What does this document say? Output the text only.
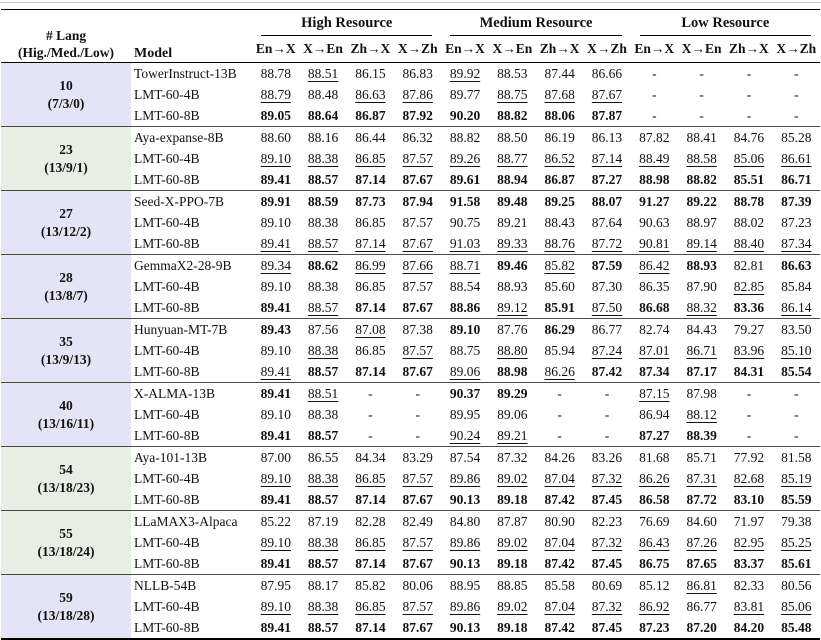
# Lang
(Hig./Med./Low)	Model	High Resource				Medium Resource				Low Resource			

		En→X	X→En	Zh→X	X→Zh	En→X	X→En	Zh→X	X→Zh	En→X	X→En	Zh→X	X→Zh

10
(7/3/0)	TowerInstruct-13B	88.78	88.51	86.15	86.83	89.92	88.53	87.44	86.66	-	-	-	-
	LMT-60-4B	88.79	88.48	86.63	87.86	89.77	88.75	87.68	87.67	-	-	-	-
	LMT-60-8B	89.05	88.64	86.87	87.92	90.20	88.82	88.06	87.87	-	-	-	-

23
(13/9/1)	Aya-expanse-8B	88.60	88.16	86.44	86.32	88.82	88.50	86.19	86.13	87.82	88.41	84.76	85.28
	LMT-60-4B	89.10	88.38	86.85	87.57	89.26	88.77	86.52	87.14	88.49	88.58	85.06	86.61
	LMT-60-8B	89.41	88.57	87.14	87.67	89.61	88.94	86.87	87.27	88.98	88.82	85.51	86.71

27
(13/12/2)	Seed-X-PPO-7B	89.91	88.59	87.73	87.94	91.58	89.48	89.25	88.07	91.27	89.22	88.78	87.39
	LMT-60-4B	89.10	88.38	86.85	87.57	90.75	89.21	88.43	87.64	90.63	88.97	88.02	87.23
	LMT-60-8B	89.41	88.57	87.14	87.67	91.03	89.33	88.76	87.72	90.81	89.14	88.40	87.34

28
(13/8/7)	GemmaX2-28-9B	89.34	88.62	86.99	87.66	88.71	89.46	85.82	87.59	86.42	88.93	82.81	86.63
	LMT-60-4B	89.10	88.38	86.85	87.57	88.54	88.93	85.60	87.30	86.35	87.90	82.85	85.84
	LMT-60-8B	89.41	88.57	87.14	87.67	88.86	89.12	85.91	87.50	86.68	88.32	83.36	86.14

35
(13/9/13)	Hunyuan-MT-7B	89.43	87.56	87.08	87.38	89.10	87.76	86.29	86.77	82.74	84.43	79.27	83.50
	LMT-60-4B	89.10	88.38	86.85	87.57	88.75	88.80	85.94	87.24	87.01	86.71	83.96	85.10
	LMT-60-8B	89.41	88.57	87.14	87.67	89.06	88.98	86.26	87.42	87.34	87.17	84.31	85.54

40
(13/16/11)	X-ALMA-13B	89.41	88.51	-	-	90.37	89.29	-	-	87.15	87.98	-	-
	LMT-60-4B	89.10	88.38	-	-	89.95	89.06	-	-	86.94	88.12	-	-
	LMT-60-8B	89.41	88.57	-	-	90.24	89.21	-	-	87.27	88.39	-	-

54
(13/18/23)	Aya-101-13B	87.00	86.55	84.34	83.29	87.54	87.32	84.26	83.26	81.68	85.71	77.92	81.58
	LMT-60-4B	89.10	88.38	86.85	87.57	89.86	89.02	87.04	87.32	86.26	87.31	82.68	85.19
	LMT-60-8B	89.41	88.57	87.14	87.67	90.13	89.18	87.42	87.45	86.58	87.72	83.10	85.59

55
(13/18/24)	LLaMAX3-Alpaca	85.22	87.19	82.28	82.49	84.80	87.87	80.90	82.23	76.69	84.60	71.97	79.38
	LMT-60-4B	89.10	88.38	86.85	87.57	89.86	89.02	87.04	87.32	86.43	87.26	82.95	85.25
	LMT-60-8B	89.41	88.57	87.14	87.67	90.13	89.18	87.42	87.45	86.75	87.65	83.37	85.61

59
(13/18/28)	NLLB-54B	87.95	88.17	85.82	80.06	88.95	88.85	85.58	80.69	85.12	86.81	82.33	80.56
	LMT-60-4B	89.10	88.38	86.85	87.57	89.86	89.02	87.04	87.32	86.92	86.77	83.81	85.06
	LMT-60-8B	89.41	88.57	87.14	87.67	90.13	89.18	87.42	87.45	87.23	87.20	84.20	85.48
